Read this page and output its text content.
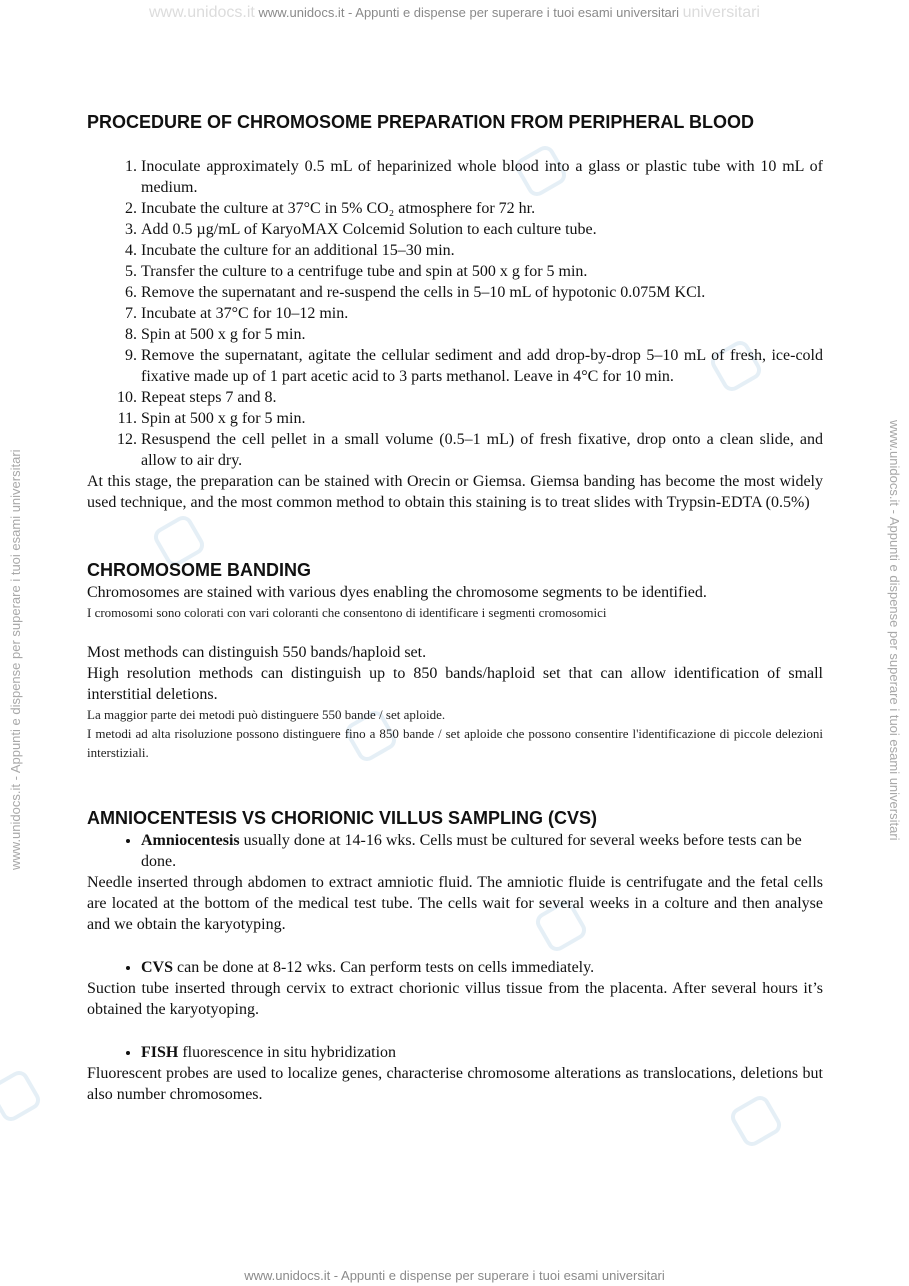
www.unidocs.it www.unidocs.it - Appunti e dispense per superare i tuoi esami universitari universitari
www.unidocs.it - Appunti e dispense per superare i tuoi esami universitari
www.unidocs.it - Appunti e dispense per superare i tuoi esami universitari	www.unidocs.it - Appunti e dispense per superare i tuoi esami universitari
PROCEDURE OF CHROMOSOME PREPARATION FROM PERIPHERAL BLOOD
1. Inoculate approximately 0.5 mL of heparinized whole blood into a glass or plastic tube with 10 mL of medium.
2. Incubate the culture at 37°C in 5% CO₂ atmosphere for 72 hr.
3. Add 0.5 µg/mL of KaryoMAX Colcemid Solution to each culture tube.
4. Incubate the culture for an additional 15–30 min.
5. Transfer the culture to a centrifuge tube and spin at 500 x g for 5 min.
6. Remove the supernatant and re-suspend the cells in 5–10 mL of hypotonic 0.075M KCl.
7. Incubate at 37°C for 10–12 min.
8. Spin at 500 x g for 5 min.
9. Remove the supernatant, agitate the cellular sediment and add drop-by-drop 5–10 mL of fresh, ice-cold fixative made up of 1 part acetic acid to 3 parts methanol. Leave in 4°C for 10 min.
10. Repeat steps 7 and 8.
11. Spin at 500 x g for 5 min.
12. Resuspend the cell pellet in a small volume (0.5–1 mL) of fresh fixative, drop onto a clean slide, and allow to air dry.

At this stage, the preparation can be stained with Orecin or Giemsa. Giemsa banding has become the most widely used technique, and the most common method to obtain this staining is to treat slides with Trypsin-EDTA (0.5%)

CHROMOSOME BANDING

Chromosomes are stained with various dyes enabling the chromosome segments to be identified.

I cromosomi sono colorati con vari coloranti che consentono di identificare i segmenti cromosomici

Most methods can distinguish 550 bands/haploid set.

High resolution methods can distinguish up to 850 bands/haploid set that can allow identification of small interstitial deletions.

La maggior parte dei metodi può distinguere 550 bande / set aploide.

I metodi ad alta risoluzione possono distinguere fino a 850 bande / set aploide che possono consentire l'identificazione di piccole delezioni interstiziali.

AMNIOCENTESIS VS CHORIONIC VILLUS SAMPLING (CVS)
• Amniocentesis usually done at 14-16 wks. Cells must be cultured for several weeks before tests can be done.

Needle inserted through abdomen to extract amniotic fluid. The amniotic fluide is centrifugate and the fetal cells are located at the bottom of the medical test tube. The cells wait for several weeks in a colture and then analyse and we obtain the karyotyping.

• CVS can be done at 8-12 wks. Can perform tests on cells immediately.

Suction tube inserted through cervix to extract chorionic villus tissue from the placenta. After several hours it’s obtained the karyotyoping.

• FISH fluorescence in situ hybridization

Fluorescent probes are used to localize genes, characterise chromosome alterations as translocations, deletions but also number chromosomes.
